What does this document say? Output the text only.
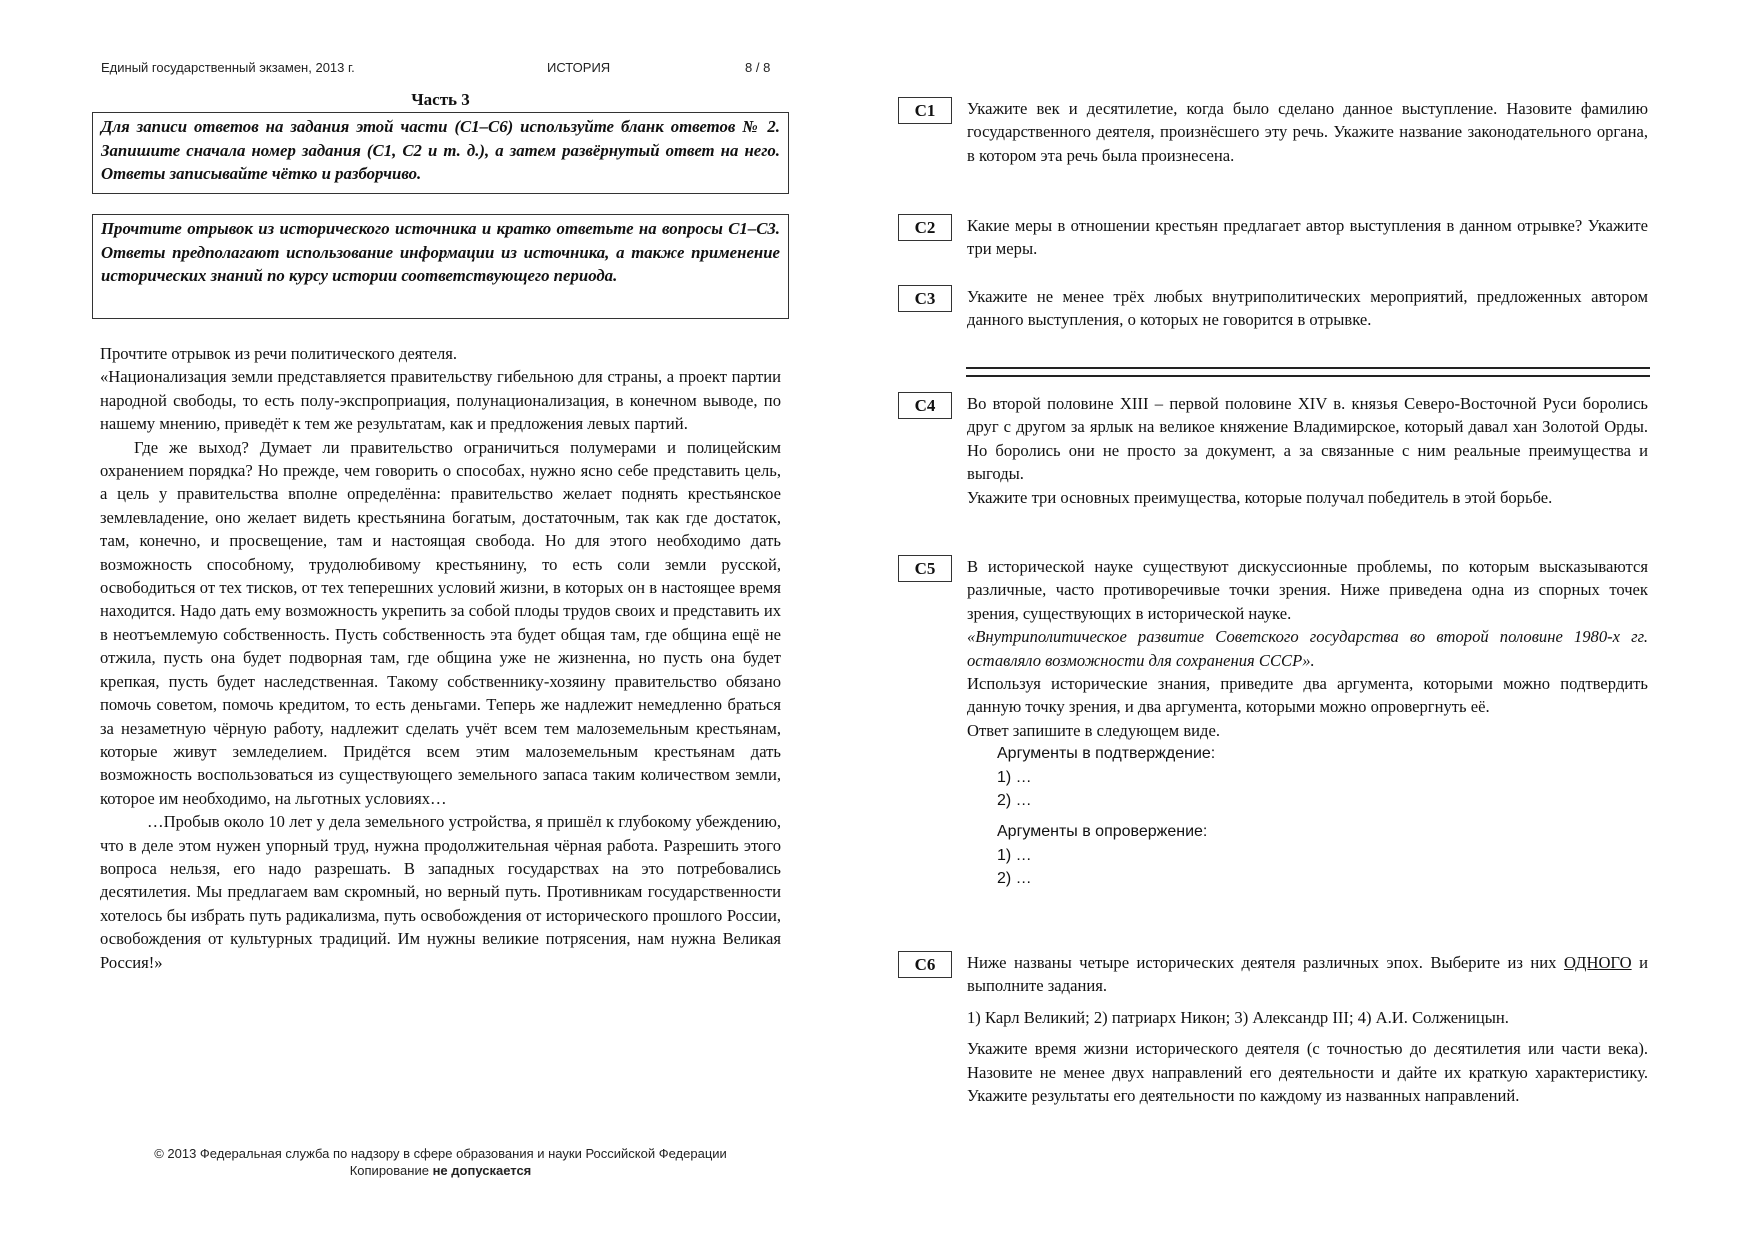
Единый государственный экзамен, 2013 г.	ИСТОРИЯ	8 / 8
Часть 3
Для записи ответов на задания этой части (С1–С6) используйте бланк ответов № 2. Запишите сначала номер задания (С1, С2 и т. д.), а затем развёрнутый ответ на него. Ответы записывайте чётко и разборчиво.
Прочтите отрывок из исторического источника и кратко ответьте на вопросы С1–С3. Ответы предполагают использование информации из источника, а также применение исторических знаний по курсу истории соответствующего периода.

Прочтите отрывок из речи политического деятеля.

«Национализация земли представляется правительству гибельною для страны, а проект партии народной свободы, то есть полу-экспроприация, полунационализация, в конечном выводе, по нашему мнению, приведёт к тем же результатам, как и предложения левых партий.

Где же выход? Думает ли правительство ограничиться полумерами и полицейским охранением порядка? Но прежде, чем говорить о способах, нужно ясно себе представить цель, а цель у правительства вполне определённа: правительство желает поднять крестьянское землевладение, оно желает видеть крестьянина богатым, достаточным, так как где достаток, там, конечно, и просвещение, там и настоящая свобода. Но для этого необходимо дать возможность способному, трудолюбивому крестьянину, то есть соли земли русской, освободиться от тех тисков, от тех теперешних условий жизни, в которых он в настоящее время находится. Надо дать ему возможность укрепить за собой плоды трудов своих и представить их в неотъемлемую собственность. Пусть собственность эта будет общая там, где община ещё не отжила, пусть она будет подворная там, где община уже не жизненна, но пусть она будет крепкая, пусть будет наследственная. Такому собственнику-хозяину правительство обязано помочь советом, помочь кредитом, то есть деньгами. Теперь же надлежит немедленно браться за незаметную чёрную работу, надлежит сделать учёт всем тем малоземельным крестьянам, которые живут земледелием. Придётся всем этим малоземельным крестьянам дать возможность воспользоваться из существующего земельного запаса таким количеством земли, которое им необходимо, на льготных условиях…

…Пробыв около 10 лет у дела земельного устройства, я пришёл к глубокому убеждению, что в деле этом нужен упорный труд, нужна продолжительная чёрная работа. Разрешить этого вопроса нельзя, его надо разрешать. В западных государствах на это потребовались десятилетия. Мы предлагаем вам скромный, но верный путь. Противникам государственности хотелось бы избрать путь радикализма, путь освобождения от исторического прошлого России, освобождения от культурных традиций. Им нужны великие потрясения, нам нужна Великая Россия!»

© 2013 Федеральная служба по надзору в сфере образования и науки Российской Федерации
Копирование не допускается
С1	Укажите век и десятилетие, когда было сделано данное выступление. Назовите фамилию государственного деятеля, произнёсшего эту речь. Укажите название законодательного органа, в котором эта речь была произнесена.
С2	Какие меры в отношении крестьян предлагает автор выступления в данном отрывке? Укажите три меры.
С3	Укажите не менее трёх любых внутриполитических мероприятий, предложенных автором данного выступления, о которых не говорится в отрывке.
С4	Во второй половине XIII – первой половине XIV в. князья Северо-Восточной Руси боролись друг с другом за ярлык на великое княжение Владимирское, который давал хан Золотой Орды. Но боролись они не просто за документ, а за связанные с ним реальные преимущества и выгоды.

Укажите три основных преимущества, которые получал победитель в этой борьбе.

С5	В исторической науке существуют дискуссионные проблемы, по которым высказываются различные, часто противоречивые точки зрения. Ниже приведена одна из спорных точек зрения, существующих в исторической науке.

«Внутриполитическое развитие Советского государства во второй половине 1980-х гг. оставляло возможности для сохранения СССР».

Используя исторические знания, приведите два аргумента, которыми можно подтвердить данную точку зрения, и два аргумента, которыми можно опровергнуть её.

Ответ запишите в следующем виде.

Аргументы в подтверждение:

1) …

2) …

Аргументы в опровержение:

1) …

2) …

С6	Ниже названы четыре исторических деятеля различных эпох. Выберите из них ОДНОГО и выполните задания.

1) Карл Великий; 2) патриарх Никон; 3) Александр III; 4) А.И. Солженицын.

Укажите время жизни исторического деятеля (с точностью до десятилетия или части века). Назовите не менее двух направлений его деятельности и дайте их краткую характеристику. Укажите результаты его деятельности по каждому из названных направлений.
